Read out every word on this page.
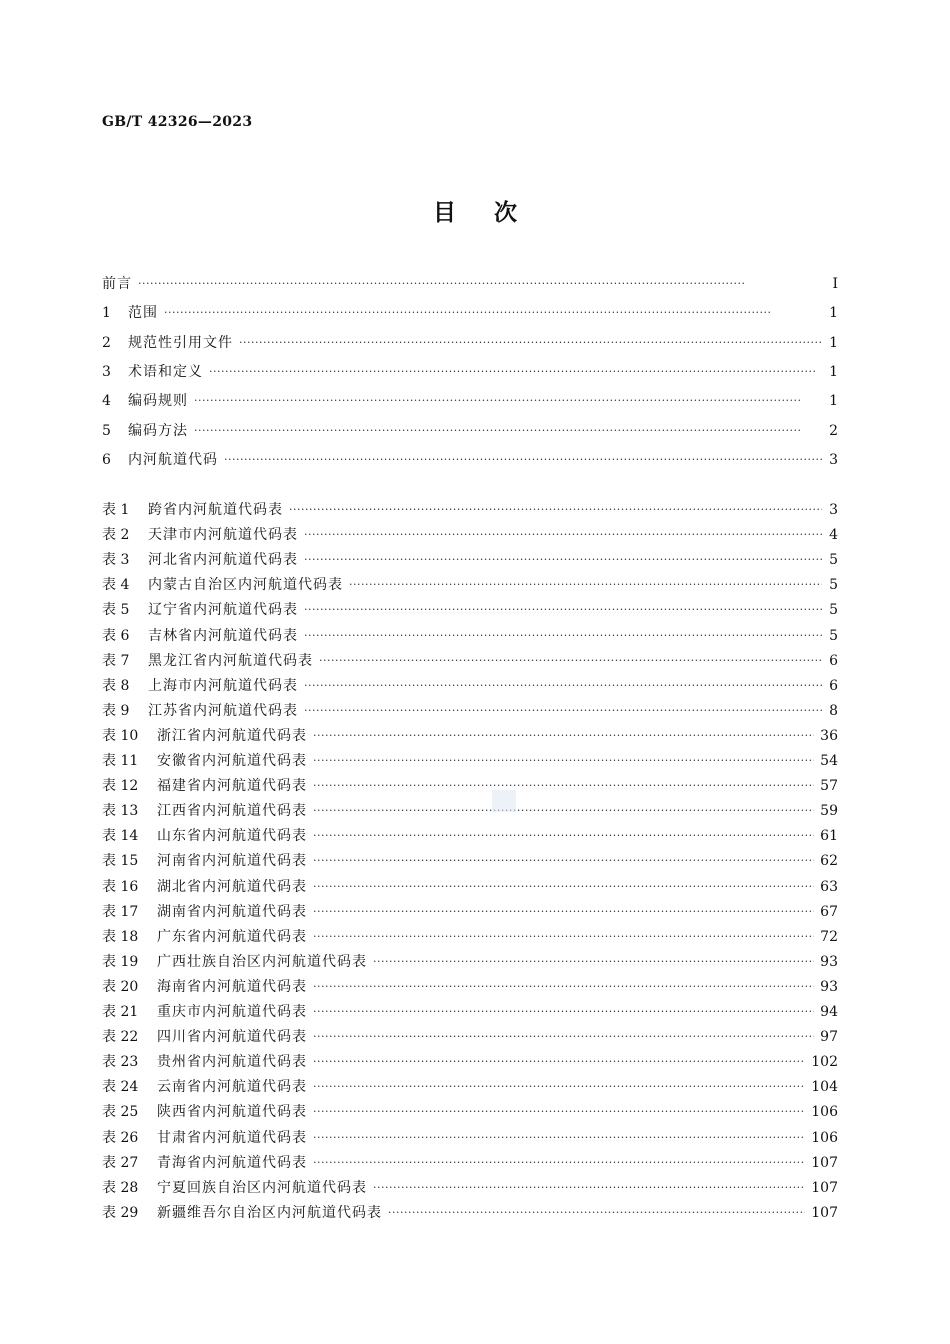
GB/T 42326—2023
目次
前言 ·····	Ⅰ
1	范围 ·····	1
2	规范性引用文件 ·····	1
3	术语和定义 ·····	1
4	编码规则 ·····	1
5	编码方法 ·····	2
6	内河航道代码 ·····	3
表 1	跨省内河航道代码表 ·····	3
表 2	天津市内河航道代码表 ·····	4
表 3	河北省内河航道代码表 ·····	5
表 4	内蒙古自治区内河航道代码表 ·····	5
表 5	辽宁省内河航道代码表 ·····	5
表 6	吉林省内河航道代码表 ·····	5
表 7	黑龙江省内河航道代码表 ·····	6
表 8	上海市内河航道代码表 ·····	6
表 9	江苏省内河航道代码表 ·····	8
表 10	浙江省内河航道代码表 ·····	36
表 11	安徽省内河航道代码表 ·····	54
表 12	福建省内河航道代码表 ·····	57
表 13	江西省内河航道代码表 ·····	59
表 14	山东省内河航道代码表 ·····	61
表 15	河南省内河航道代码表 ·····	62
表 16	湖北省内河航道代码表 ·····	63
表 17	湖南省内河航道代码表 ·····	67
表 18	广东省内河航道代码表 ·····	72
表 19	广西壮族自治区内河航道代码表 ·····	93
表 20	海南省内河航道代码表 ·····	93
表 21	重庆市内河航道代码表 ·····	94
表 22	四川省内河航道代码表 ·····	97
表 23	贵州省内河航道代码表 ·····	102
表 24	云南省内河航道代码表 ·····	104
表 25	陕西省内河航道代码表 ·····	106
表 26	甘肃省内河航道代码表 ·····	106
表 27	青海省内河航道代码表 ·····	107
表 28	宁夏回族自治区内河航道代码表 ·····	107
表 29	新疆维吾尔自治区内河航道代码表 ·····	107
